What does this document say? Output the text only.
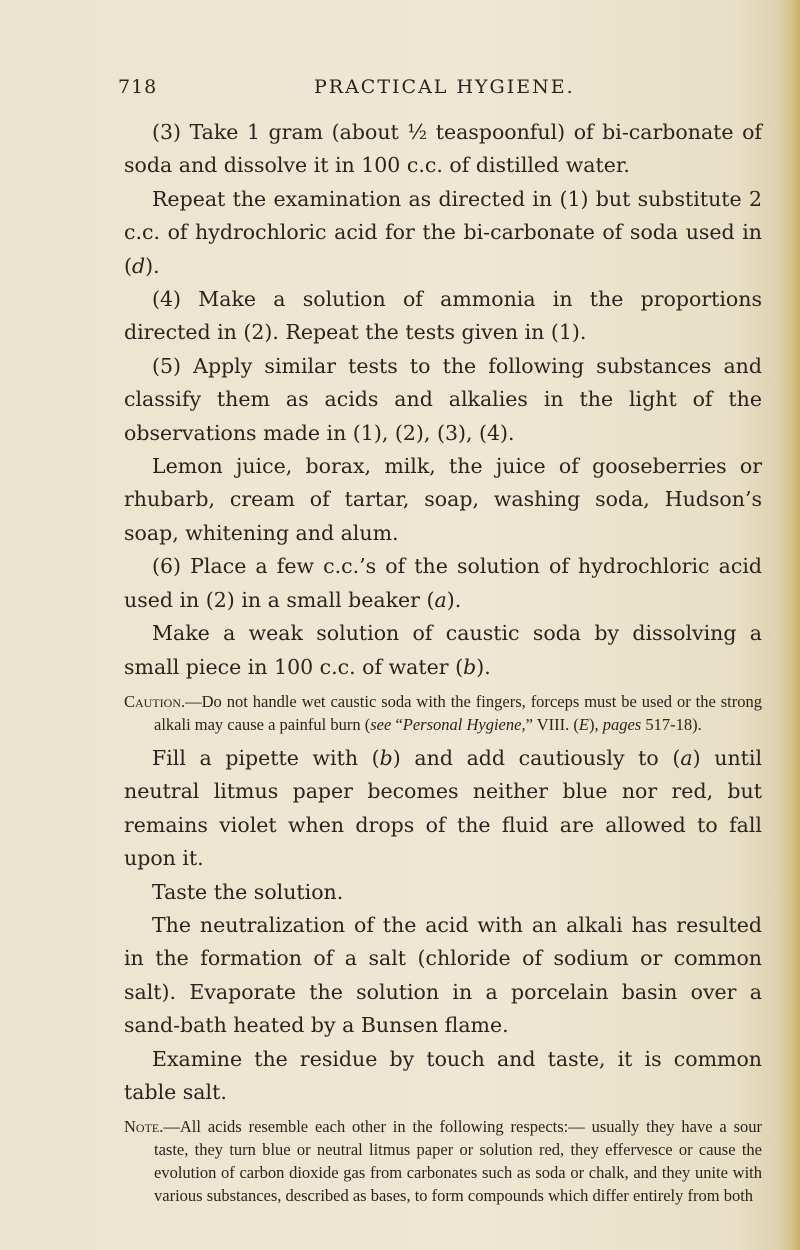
718	PRACTICAL HYGIENE.

(3) Take 1 gram (about ½ teaspoonful) of bi-carbonate of soda and dissolve it in 100 c.c. of distilled water.

Repeat the examination as directed in (1) but substitute 2 c.c. of hydrochloric acid for the bi-carbonate of soda used in (d).

(4) Make a solution of ammonia in the proportions directed in (2). Repeat the tests given in (1).

(5) Apply similar tests to the following substances and classify them as acids and alkalies in the light of the observations made in (1), (2), (3), (4).

Lemon juice, borax, milk, the juice of gooseberries or rhubarb, cream of tartar, soap, washing soda, Hudson’s soap, whitening and alum.

(6) Place a few c.c.’s of the solution of hydrochloric acid used in (2) in a small beaker (a).

Make a weak solution of caustic soda by dissolving a small piece in 100 c.c. of water (b).

Caution.—Do not handle wet caustic soda with the fingers, forceps must be used or the strong alkali may cause a painful burn (see “Personal Hygiene,” VIII. (E), pages 517-18).

Fill a pipette with (b) and add cautiously to (a) until neutral litmus paper becomes neither blue nor red, but remains violet when drops of the fluid are allowed to fall upon it.

Taste the solution.

The neutralization of the acid with an alkali has resulted in the formation of a salt (chloride of sodium or common salt). Evaporate the solution in a porcelain basin over a sand-bath heated by a Bunsen flame.

Examine the residue by touch and taste, it is common table salt.

Note.—All acids resemble each other in the following respects:— usually they have a sour taste, they turn blue or neutral litmus paper or solution red, they effervesce or cause the evolution of carbon dioxide gas from carbonates such as soda or chalk, and they unite with various substances, described as bases, to form compounds which differ entirely from both
